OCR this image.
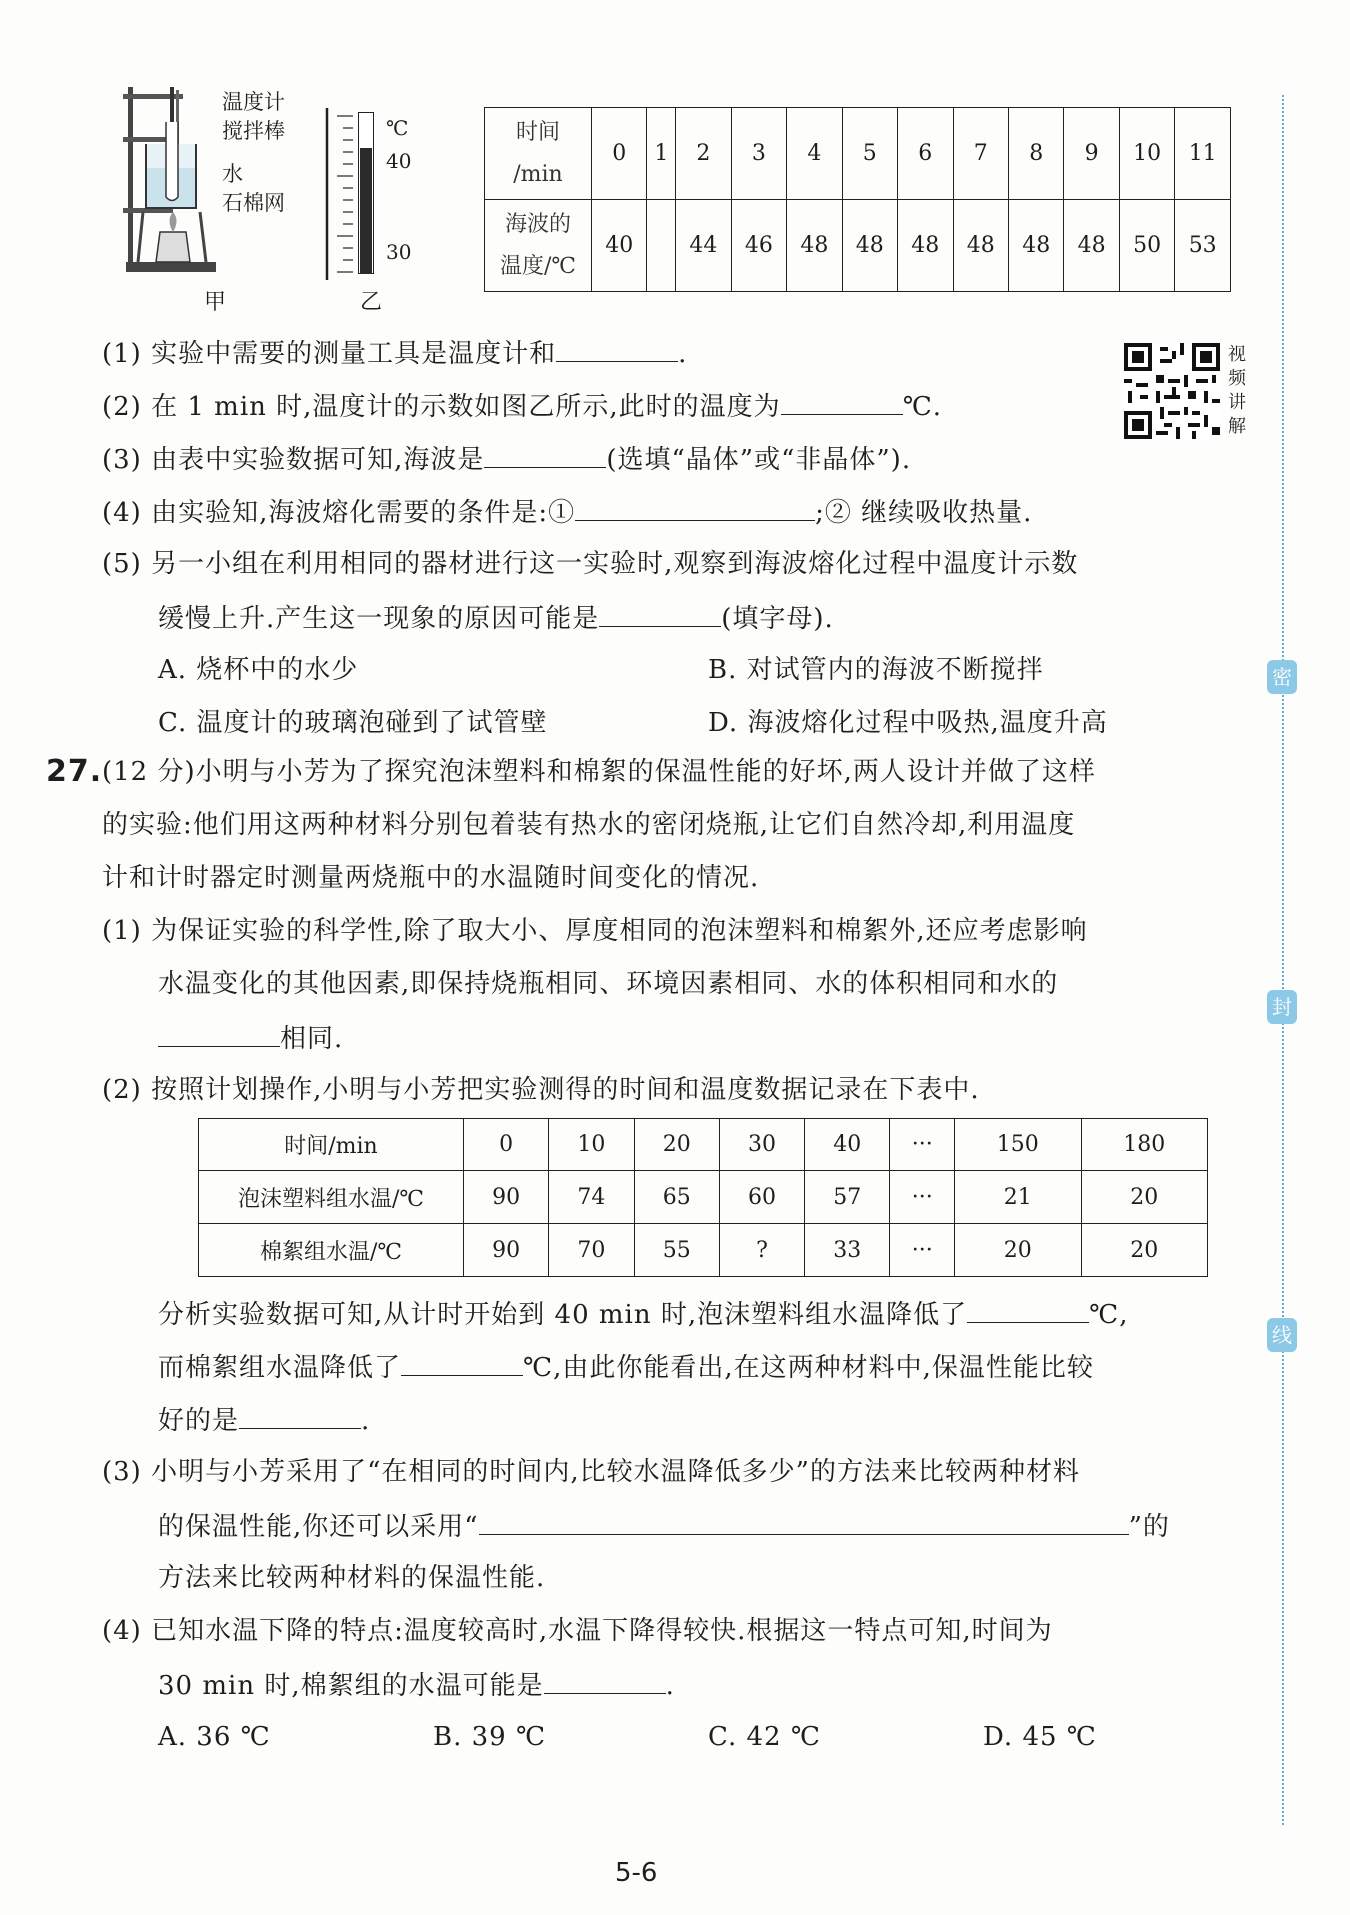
温度计
搅拌棒
水
石棉网
甲
℃
40
30
乙
时间
/min	0	1	2	3	4	5	6	7	8	9	10	11

海波的
温度/℃	40		44	46	48	48	48	48	48	48	50	53
视
频
讲
解
(1) 实验中需要的测量工具是温度计和	.
(2) 在 1 min 时,温度计的示数如图乙所示,此时的温度为	℃.
(3) 由表中实验数据可知,海波是	(选填“晶体”或“非晶体”).
(4) 由实验知,海波熔化需要的条件是:①	;② 继续吸收热量.
(5) 另一小组在利用相同的器材进行这一实验时,观察到海波熔化过程中温度计示数
缓慢上升.产生这一现象的原因可能是	(填字母).
A. 烧杯中的水少	B. 对试管内的海波不断搅拌
C. 温度计的玻璃泡碰到了试管壁	D. 海波熔化过程中吸热,温度升高
27. (12 分)小明与小芳为了探究泡沫塑料和棉絮的保温性能的好坏,两人设计并做了这样
的实验:他们用这两种材料分别包着装有热水的密闭烧瓶,让它们自然冷却,利用温度
计和计时器定时测量两烧瓶中的水温随时间变化的情况.
(1) 为保证实验的科学性,除了取大小、厚度相同的泡沫塑料和棉絮外,还应考虑影响
水温变化的其他因素,即保持烧瓶相同、环境因素相同、水的体积相同和水的
相同.
(2) 按照计划操作,小明与小芳把实验测得的时间和温度数据记录在下表中.
时间/min	0	10	20	30	40	···	150	180
泡沫塑料组水温/℃	90	74	65	60	57	···	21	20
棉絮组水温/℃	90	70	55	?	33	···	20	20
分析实验数据可知,从计时开始到 40 min 时,泡沫塑料组水温降低了	℃,
而棉絮组水温降低了	℃,由此你能看出,在这两种材料中,保温性能比较
好的是	.
(3) 小明与小芳采用了“在相同的时间内,比较水温降低多少”的方法来比较两种材料
的保温性能,你还可以采用“	”的
方法来比较两种材料的保温性能.
(4) 已知水温下降的特点:温度较高时,水温下降得较快.根据这一特点可知,时间为
30 min 时,棉絮组的水温可能是	.
A. 36 ℃	B. 39 ℃	C. 42 ℃	D. 45 ℃
密
封
线
5-6
